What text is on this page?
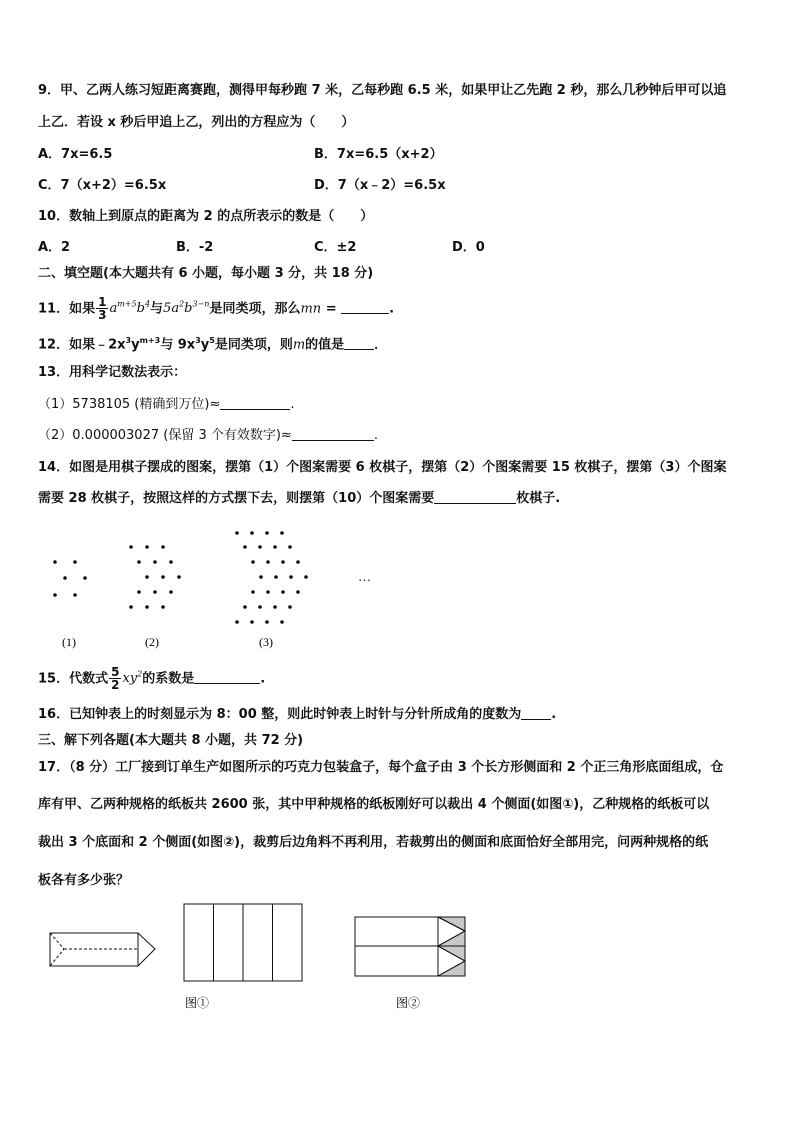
9．甲、乙两人练习短距离赛跑，测得甲每秒跑 7 米，乙每秒跑 6.5 米，如果甲让乙先跑 2 秒，那么几秒钟后甲可以追
上乙．若设 x 秒后甲追上乙，列出的方程应为（　　）
A．7x=6.5	B．7x=6.5（x+2）
C．7（x+2）=6.5x	D．7（x﹣2）=6.5x
10．数轴上到原点的距离为 2 的点所表示的数是（　　）
A．2	B．-2	C．±2	D．0
二、填空题(本大题共有 6 小题，每小题 3 分，共 18 分)
11．如果 $\frac{1}{3} a^{m+5}b^4$与$5a^2b^{3-n}$是同类项，那么mn =	.
12．如果$﹣2x^3y^{m+3}$与 $9x^3y^5$是同类项，则m的值是 ．
13．用科学记数法表示：
（1）5738105 (精确到万位)≈	.
（2）0.000003027 (保留 3 个有效数字)≈	.
14．如图是用棋子摆成的图案，摆第（1）个图案需要 6 枚棋子，摆第（2）个图案需要 15 枚棋子，摆第（3）个图案
需要 28 枚棋子，按照这样的方式摆下去，则摆第（10）个图案需要	枚棋子.
…
(1)	(2)	(3)
15．代数式 $\frac{5}{2} xy^2$的系数是	.
16．已知钟表上的时刻显示为 8：00 整，则此时钟表上时针与分针所成角的度数为 .
三、解下列各题(本大题共 8 小题，共 72 分)
17．（8 分）工厂接到订单生产如图所示的巧克力包装盒子，每个盒子由 3 个长方形侧面和 2 个正三角形底面组成，仓
库有甲、乙两种规格的纸板共 2600 张，其中甲种规格的纸板刚好可以裁出 4 个侧面(如图①)，乙种规格的纸板可以
裁出 3 个底面和 2 个侧面(如图②)，裁剪后边角料不再利用，若裁剪出的侧面和底面恰好全部用完，问两种规格的纸
板各有多少张？
图①	图②
